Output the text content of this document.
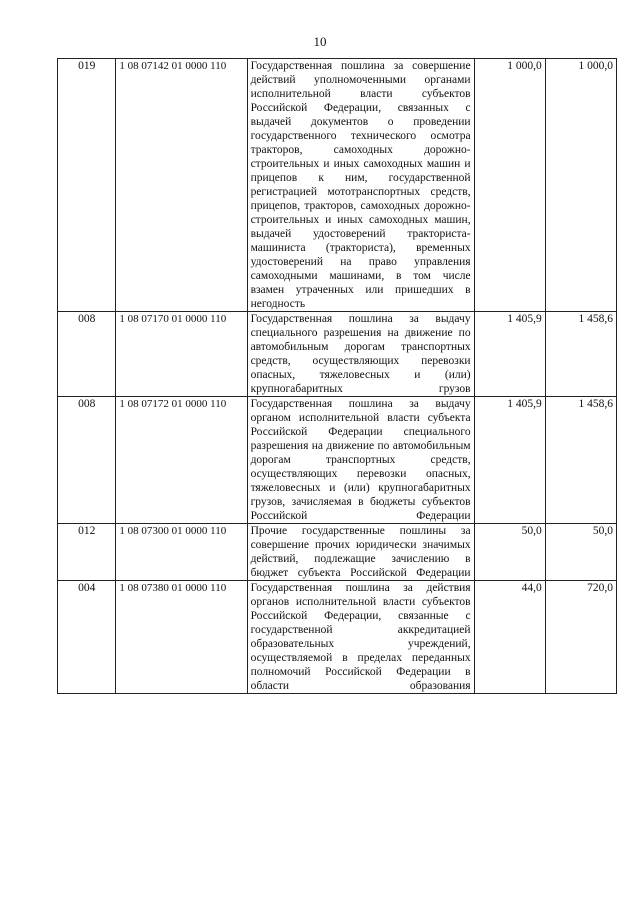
10
019	1 08 07142 01 0000 110	Государственная пошлина за совершение действий уполномоченными органами исполнительной власти субъектов Российской Федерации, связанных с выдачей документов о проведении государственного технического осмотра тракторов, самоходных дорожно-строительных и иных самоходных машин и прицепов к ним, государственной регистрацией мототранспортных средств, прицепов, тракторов, самоходных дорожно-строительных и иных самоходных машин, выдачей удостоверений тракториста-машиниста (тракториста), временных удостоверений на право управления самоходными машинами, в том числе взамен утраченных или пришедших в негодность	1 000,0	1 000,0
008	1 08 07170 01 0000 110	Государственная пошлина за выдачу специального разрешения на движение по автомобильным дорогам транспортных средств, осуществляющих перевозки опасных, тяжеловесных и (или) крупногабаритных грузов	1 405,9	1 458,6
008	1 08 07172 01 0000 110	Государственная пошлина за выдачу органом исполнительной власти субъекта Российской Федерации специального разрешения на движение по автомобильным дорогам транспортных средств, осуществляющих перевозки опасных, тяжеловесных и (или) крупногабаритных грузов, зачисляемая в бюджеты субъектов Российской Федерации	1 405,9	1 458,6
012	1 08 07300 01 0000 110	Прочие государственные пошлины за совершение прочих юридически значимых действий, подлежащие зачислению в бюджет субъекта Российской Федерации	50,0	50,0
004	1 08 07380 01 0000 110	Государственная пошлина за действия органов исполнительной власти субъектов Российской Федерации, связанные с государственной аккредитацией образовательных учреждений, осуществляемой в пределах переданных полномочий Российской Федерации в области образования	44,0	720,0
